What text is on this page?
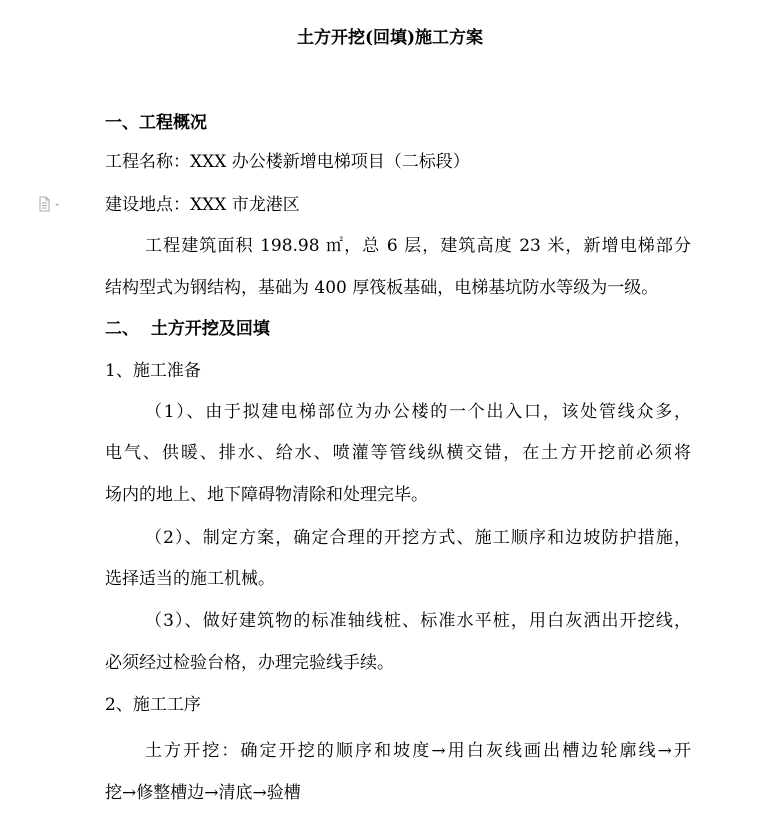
土方开挖(回填)施工方案
一、工程概况
工程名称：XXX 办公楼新增电梯项目（二标段）
建设地点：XXX 市龙港区
工程建筑面积 198.98 ㎡，总 6 层，建筑高度 23 米，新增电梯部分
结构型式为钢结构，基础为 400 厚筏板基础，电梯基坑防水等级为一级。
二、  土方开挖及回填
1、施工准备
（1）、由于拟建电梯部位为办公楼的一个出入口，该处管线众多，
电气、供暖、排水、给水、喷灌等管线纵横交错，在土方开挖前必须将
场内的地上、地下障碍物清除和处理完毕。
（2）、制定方案，确定合理的开挖方式、施工顺序和边坡防护措施，
选择适当的施工机械。
（3）、做好建筑物的标准轴线桩、标准水平桩，用白灰洒出开挖线，
必须经过检验台格，办理完验线手续。
2、施工工序
土方开挖：确定开挖的顺序和坡度→用白灰线画出槽边轮廓线→开
挖→修整槽边→清底→验槽
